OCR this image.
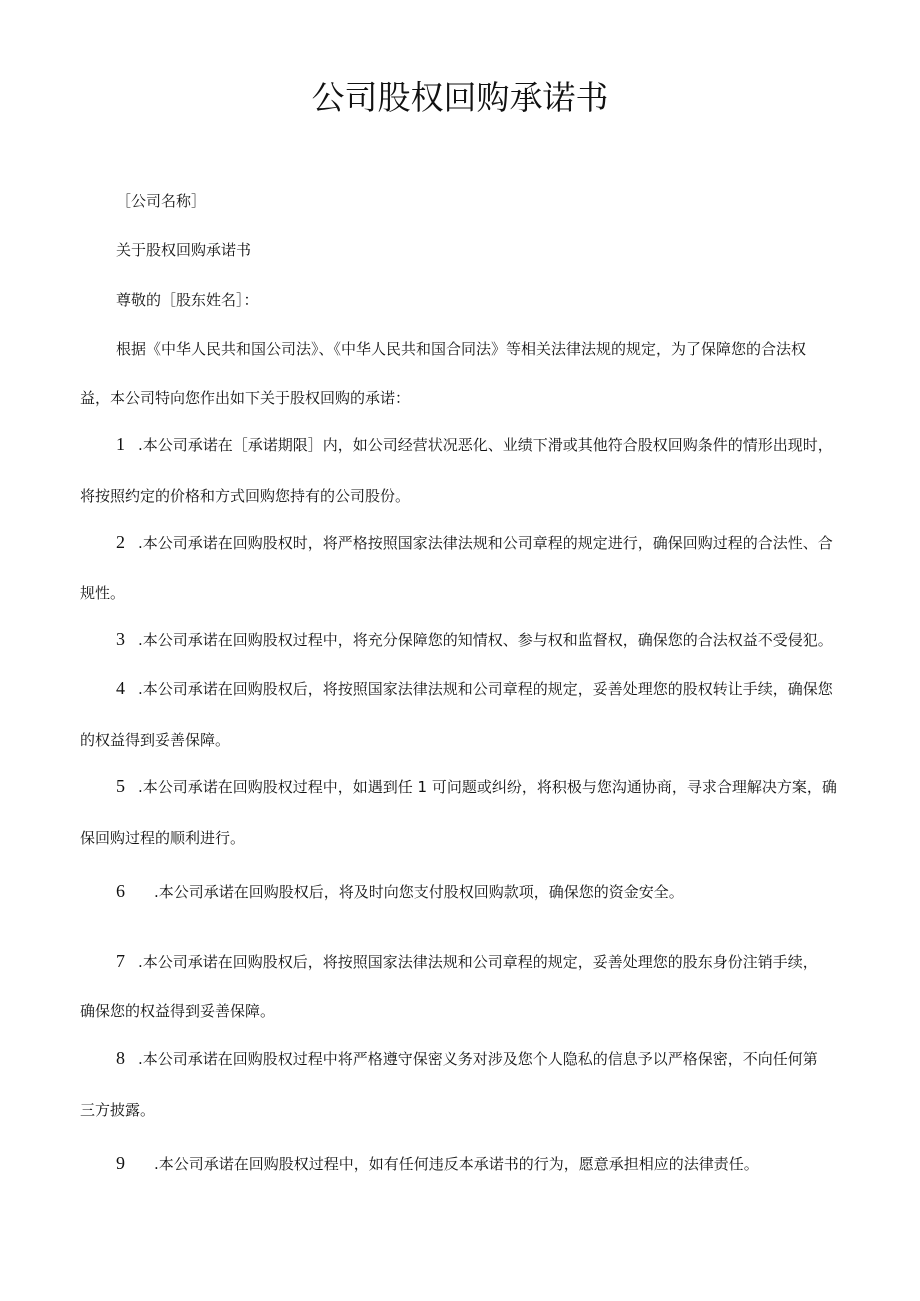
公司股权回购承诺书

［公司名称］

关于股权回购承诺书

尊敬的［股东姓名］：

根据《中华人民共和国公司法》、《中华人民共和国合同法》等相关法律法规的规定，为了保障您的合法权

益，本公司特向您作出如下关于股权回购的承诺：

1 .本公司承诺在［承诺期限］内，如公司经营状况恶化、业绩下滑或其他符合股权回购条件的情形出现时，

将按照约定的价格和方式回购您持有的公司股份。

2 .本公司承诺在回购股权时，将严格按照国家法律法规和公司章程的规定进行，确保回购过程的合法性、合

规性。

3 .本公司承诺在回购股权过程中，将充分保障您的知情权、参与权和监督权，确保您的合法权益不受侵犯。

4 .本公司承诺在回购股权后，将按照国家法律法规和公司章程的规定，妥善处理您的股权转让手续，确保您

的权益得到妥善保障。

5 .本公司承诺在回购股权过程中，如遇到任 1 可问题或纠纷，将积极与您沟通协商，寻求合理解决方案，确

保回购过程的顺利进行。

6 .本公司承诺在回购股权后，将及时向您支付股权回购款项，确保您的资金安全。

7 .本公司承诺在回购股权后，将按照国家法律法规和公司章程的规定，妥善处理您的股东身份注销手续，

确保您的权益得到妥善保障。

8 .本公司承诺在回购股权过程中将严格遵守保密义务对涉及您个人隐私的信息予以严格保密，不向任何第

三方披露。

9 .本公司承诺在回购股权过程中，如有任何违反本承诺书的行为，愿意承担相应的法律责任。
